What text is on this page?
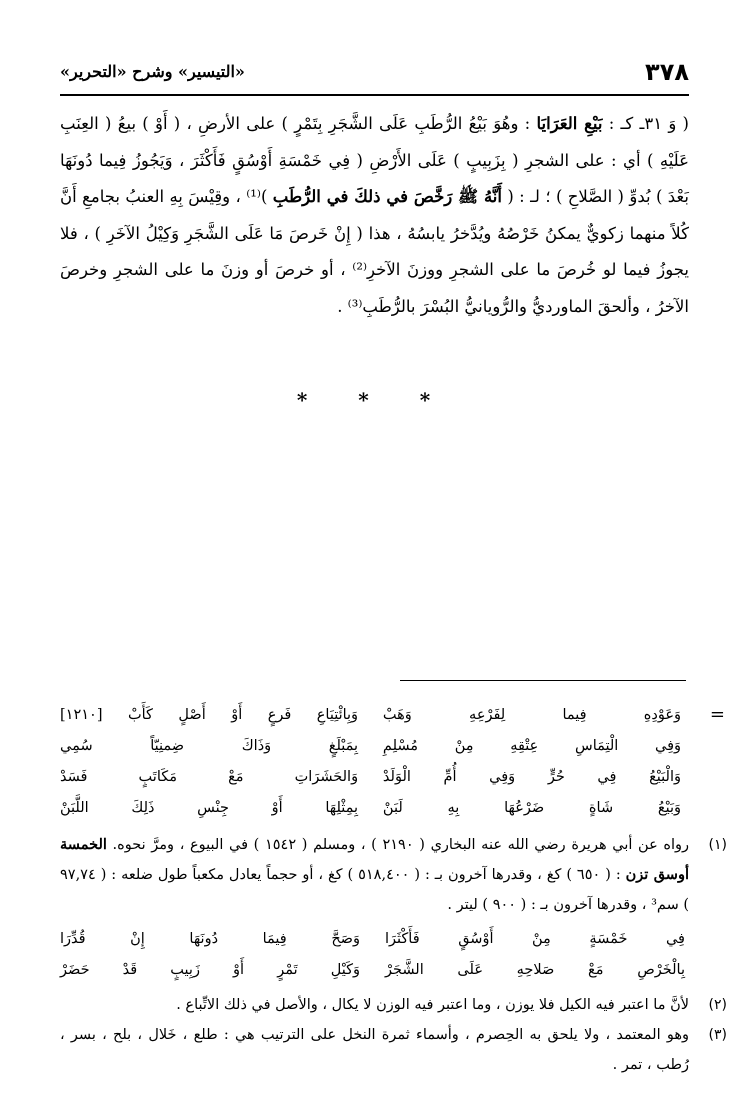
«التيسير» وشرح «التحرير»	٣٧٨

( وَ ٣١ـ كـ : بَيْعِ العَرَايَا : وهُوَ بَيْعُ الرُّطَبِ عَلَى الشَّجَرِ بِتَمْرٍ ) على الأرضِ ، ( أَوْ ) بيعُ ( العِنَبِ عَلَيْهِ ) أي : على الشجرِ ( بِزَبِيبٍ ) عَلَى الأَرْضِ ( فِي خَمْسَةِ أَوْسُقٍ فَأَكْثَرَ ، وَيَجُوزُ فِيما دُونَهَا بَعْدَ ) بُدوِّ ( الصَّلاحِ ) ؛ لـ : ( أَنَّهُ ﷺ رَخَّصَ في ذلكَ في الرُّطَبِ )⁽¹⁾ ، وقِيْسَ بِهِ العنبُ بجامعِ أَنَّ كُلاً منهما زكويٌّ يمكنُ خَرْصُهُ ويُدَّخرُ يابسُهُ ، هذا ( إِنْ خَرصَ مَا عَلَى الشَّجَرِ وَكِيْلُ الآخَرِ ) ، فلا يجوزُ فيما لو خُرصَ ما على الشجرِ ووزنَ الآخرِ⁽²⁾ ، أو خرصَ أو وزنَ ما على الشجرِ وخرصَ الآخرُ ، وألحقَ الماورديُّ والرُّويانيُّ البُسْرَ بالرُّطَبِ⁽³⁾ .

* * *
=
وَعَوْدِهِ فِيما لِفَرْعِهِ وَهَبْ
وَبِائْتِيَاعِ فَرعٍ أَوْ أَصْلٍ كَأَبْ [١٢١٠]
وَفِي الْتِمَاسِ عِتْقِهِ مِنْ مُسْلِمِ
بِمَبْلَغٍ وَذَاكَ ضِمنِيّاً سُمِي
وَالْبَيْعُ فِي حُرٍّ وَفِي أُمِّ الْوَلَدْ
وَالحَشَرَاتِ مَعْ مَكَاتَبٍ فَسَدْ
وَبَيْعُ شَاةٍ ضَرْعُهَا بِهِ لَبَنْ
بِمِثْلِهَا أَوْ جِنْسِ ذَلِكَ اللَّبَنْ
(١)
رواه عن أبي هريرة رضي الله عنه البخاري ( ٢١٩٠ ) ، ومسلم ( ١٥٤٢ ) في البيوع ، ومرَّ نحوه. الخمسة أوسق تزن : ( ٦٥٠ ) كغ ، وقدرها آخرون بـ : ( ٥١٨,٤٠٠ ) كغ ، أو حجماً يعادل مكعباً طول ضلعه : ( ٩٧,٧٤ ) سم³ ، وقدرها آخرون بـ : ( ٩٠٠ ) ليتر .
فِي خَمْسَةٍ مِنْ أَوْسُقٍ فَأَكْثَرَا
وَصَحَّ فِيمَا دُونَهَا إِنْ قُدِّرَا
بِالْخَرْصِ مَعْ صَلاحِهِ عَلَى الشَّجَرْ
وَكَيْلِ تَمْرٍ أَوْ زَبِيبٍ قَدْ حَضَرْ
(٢)
لأنَّ ما اعتبر فيه الكيل فلا يوزن ، وما اعتبر فيه الوزن لا يكال ، والأصل في ذلك الاتِّباع .
(٣)
وهو المعتمد ، ولا يلحق به الحِصرم ، وأسماء ثمرة النخل على الترتيب هي : طلع ، خَلال ، بلح ، بسر ، رُطب ، تمر .
